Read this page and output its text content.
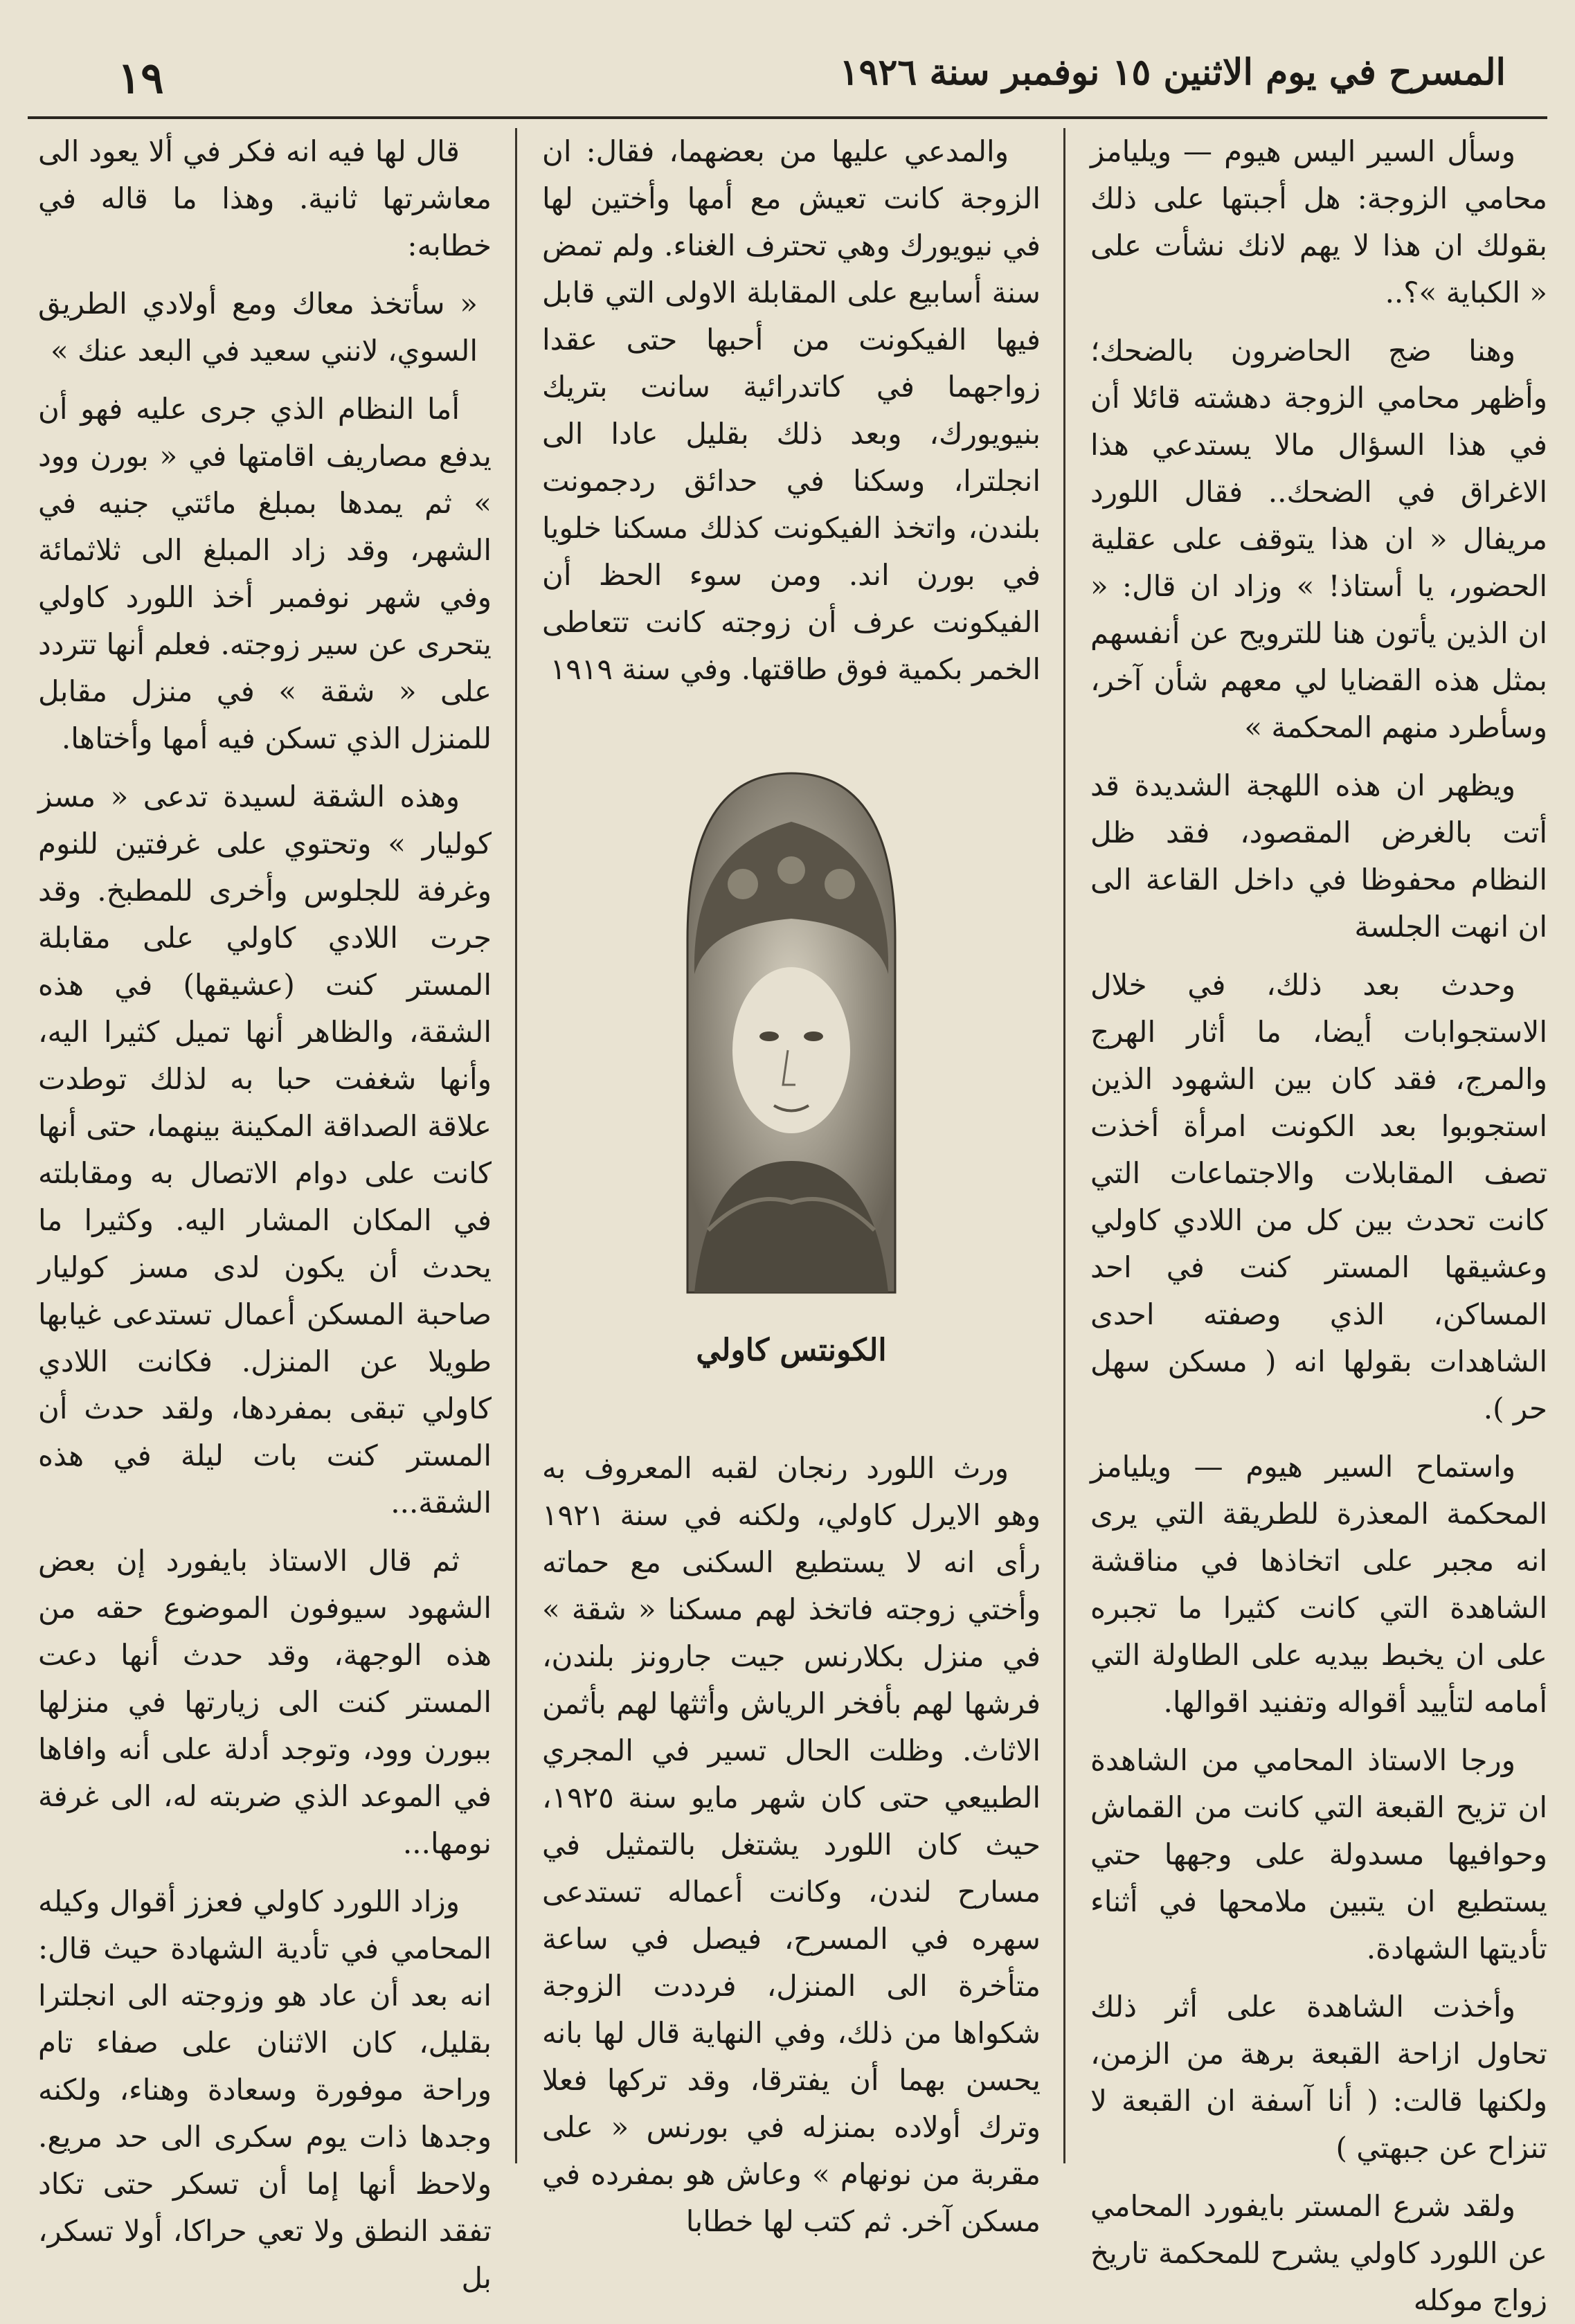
١٩	المسرح في يوم الاثنين ١٥ نوفمبر سنة ١٩٢٦

وسأل السير اليس هيوم — ويليامز محامي الزوجة: هل أجبتها على ذلك بقولك ان هذا لا يهم لانك نشأت على « الكباية »؟..

وهنا ضج الحاضرون بالضحك؛ وأظهر محامي الزوجة دهشته قائلا أن في هذا السؤال مالا يستدعي هذا الاغراق في الضحك.. فقال اللورد مريفال « ان هذا يتوقف على عقلية الحضور، يا أستاذ! » وزاد ان قال: « ان الذين يأتون هنا للترويح عن أنفسهم بمثل هذه القضايا لي معهم شأن آخر، وسأطرد منهم المحكمة »

ويظهر ان هذه اللهجة الشديدة قد أتت بالغرض المقصود، فقد ظل النظام محفوظا في داخل القاعة الى ان انهت الجلسة

وحدث بعد ذلك، في خلال الاستجوابات أيضا، ما أثار الهرج والمرج، فقد كان بين الشهود الذين استجوبوا بعد الكونت امرأة أخذت تصف المقابلات والاجتماعات التي كانت تحدث بين كل من اللادي كاولي وعشيقها المستر كنت في احد المساكن، الذي وصفته احدى الشاهدات بقولها انه ( مسكن سهل حر ).

واستماح السير هيوم — ويليامز المحكمة المعذرة للطريقة التي يرى انه مجبر على اتخاذها في مناقشة الشاهدة التي كانت كثيرا ما تجبره على ان يخبط بيديه على الطاولة التي أمامه لتأييد أقواله وتفنيد اقوالها.

ورجا الاستاذ المحامي من الشاهدة ان تزيح القبعة التي كانت من القماش وحوافيها مسدولة على وجهها حتي يستطيع ان يتبين ملامحها في أثناء تأديتها الشهادة.

وأخذت الشاهدة على أثر ذلك تحاول ازاحة القبعة برهة من الزمن، ولكنها قالت: ( أنا آسفة ان القبعة لا تنزاح عن جبهتي )

ولقد شرع المستر بايفورد المحامي عن اللورد كاولي يشرح للمحكمة تاريخ زواج موكله

والمدعي عليها من بعضهما، فقال: ان الزوجة كانت تعيش مع أمها وأختين لها في نيويورك وهي تحترف الغناء. ولم تمض سنة أسابيع على المقابلة الاولى التي قابل فيها الفيكونت من أحبها حتى عقدا زواجهما في كاتدرائية سانت بتريك بنيويورك، وبعد ذلك بقليل عادا الى انجلترا، وسكنا في حدائق ردجمونت بلندن، واتخذ الفيكونت كذلك مسكنا خلويا في بورن اند. ومن سوء الحظ أن الفيكونت عرف أن زوجته كانت تتعاطى الخمر بكمية فوق طاقتها. وفي سنة ١٩١٩

الكونتس كاولي

ورث اللورد رنجان لقبه المعروف به وهو الايرل كاولي، ولكنه في سنة ١٩٢١ رأى انه لا يستطيع السكنى مع حماته وأختي زوجته فاتخذ لهم مسكنا « شقة » في منزل بكلارنس جيت جارونز بلندن، فرشها لهم بأفخر الرياش وأثثها لهم بأثمن الاثاث. وظلت الحال تسير في المجري الطبيعي حتى كان شهر مايو سنة ١٩٢٥، حيث كان اللورد يشتغل بالتمثيل في مسارح لندن، وكانت أعماله تستدعى سهره في المسرح، فيصل في ساعة متأخرة الى المنزل، فرددت الزوجة شكواها من ذلك، وفي النهاية قال لها بانه يحسن بهما أن يفترقا، وقد تركها فعلا وترك أولاده بمنزله في بورنس « على مقربة من نونهام » وعاش هو بمفرده في مسكن آخر. ثم كتب لها خطابا

قال لها فيه انه فكر في ألا يعود الى معاشرتها ثانية. وهذا ما قاله في خطابه:

« سأتخذ معاك ومع أولادي الطريق السوي، لانني سعيد في البعد عنك »

أما النظام الذي جرى عليه فهو أن يدفع مصاريف اقامتها في « بورن وود » ثم يمدها بمبلغ مائتي جنيه في الشهر، وقد زاد المبلغ الى ثلاثمائة وفي شهر نوفمبر أخذ اللورد كاولي يتحرى عن سير زوجته. فعلم أنها تتردد على « شقة » في منزل مقابل للمنزل الذي تسكن فيه أمها وأختاها.

وهذه الشقة لسيدة تدعى « مسز كوليار » وتحتوي على غرفتين للنوم وغرفة للجلوس وأخرى للمطبخ. وقد جرت اللادي كاولي على مقابلة المستر كنت (عشيقها) في هذه الشقة، والظاهر أنها تميل كثيرا اليه، وأنها شغفت حبا به لذلك توطدت علاقة الصداقة المكينة بينهما، حتى أنها كانت على دوام الاتصال به ومقابلته في المكان المشار اليه. وكثيرا ما يحدث أن يكون لدى مسز كوليار صاحبة المسكن أعمال تستدعى غيابها طويلا عن المنزل. فكانت اللادي كاولي تبقى بمفردها، ولقد حدث أن المستر كنت بات ليلة في هذه الشقة...

ثم قال الاستاذ بايفورد إن بعض الشهود سيوفون الموضوع حقه من هذه الوجهة، وقد حدث أنها دعت المستر كنت الى زيارتها في منزلها ببورن وود، وتوجد أدلة على أنه وافاها في الموعد الذي ضربته له، الى غرفة نومها...

وزاد اللورد كاولي فعزز أقوال وكيله المحامي في تأدية الشهادة حيث قال: انه بعد أن عاد هو وزوجته الى انجلترا بقليل، كان الاثنان على صفاء تام وراحة موفورة وسعادة وهناء، ولكنه وجدها ذات يوم سكرى الى حد مريع. ولاحظ أنها إما أن تسكر حتى تكاد تفقد النطق ولا تعي حراكا، أولا تسكر، بل
